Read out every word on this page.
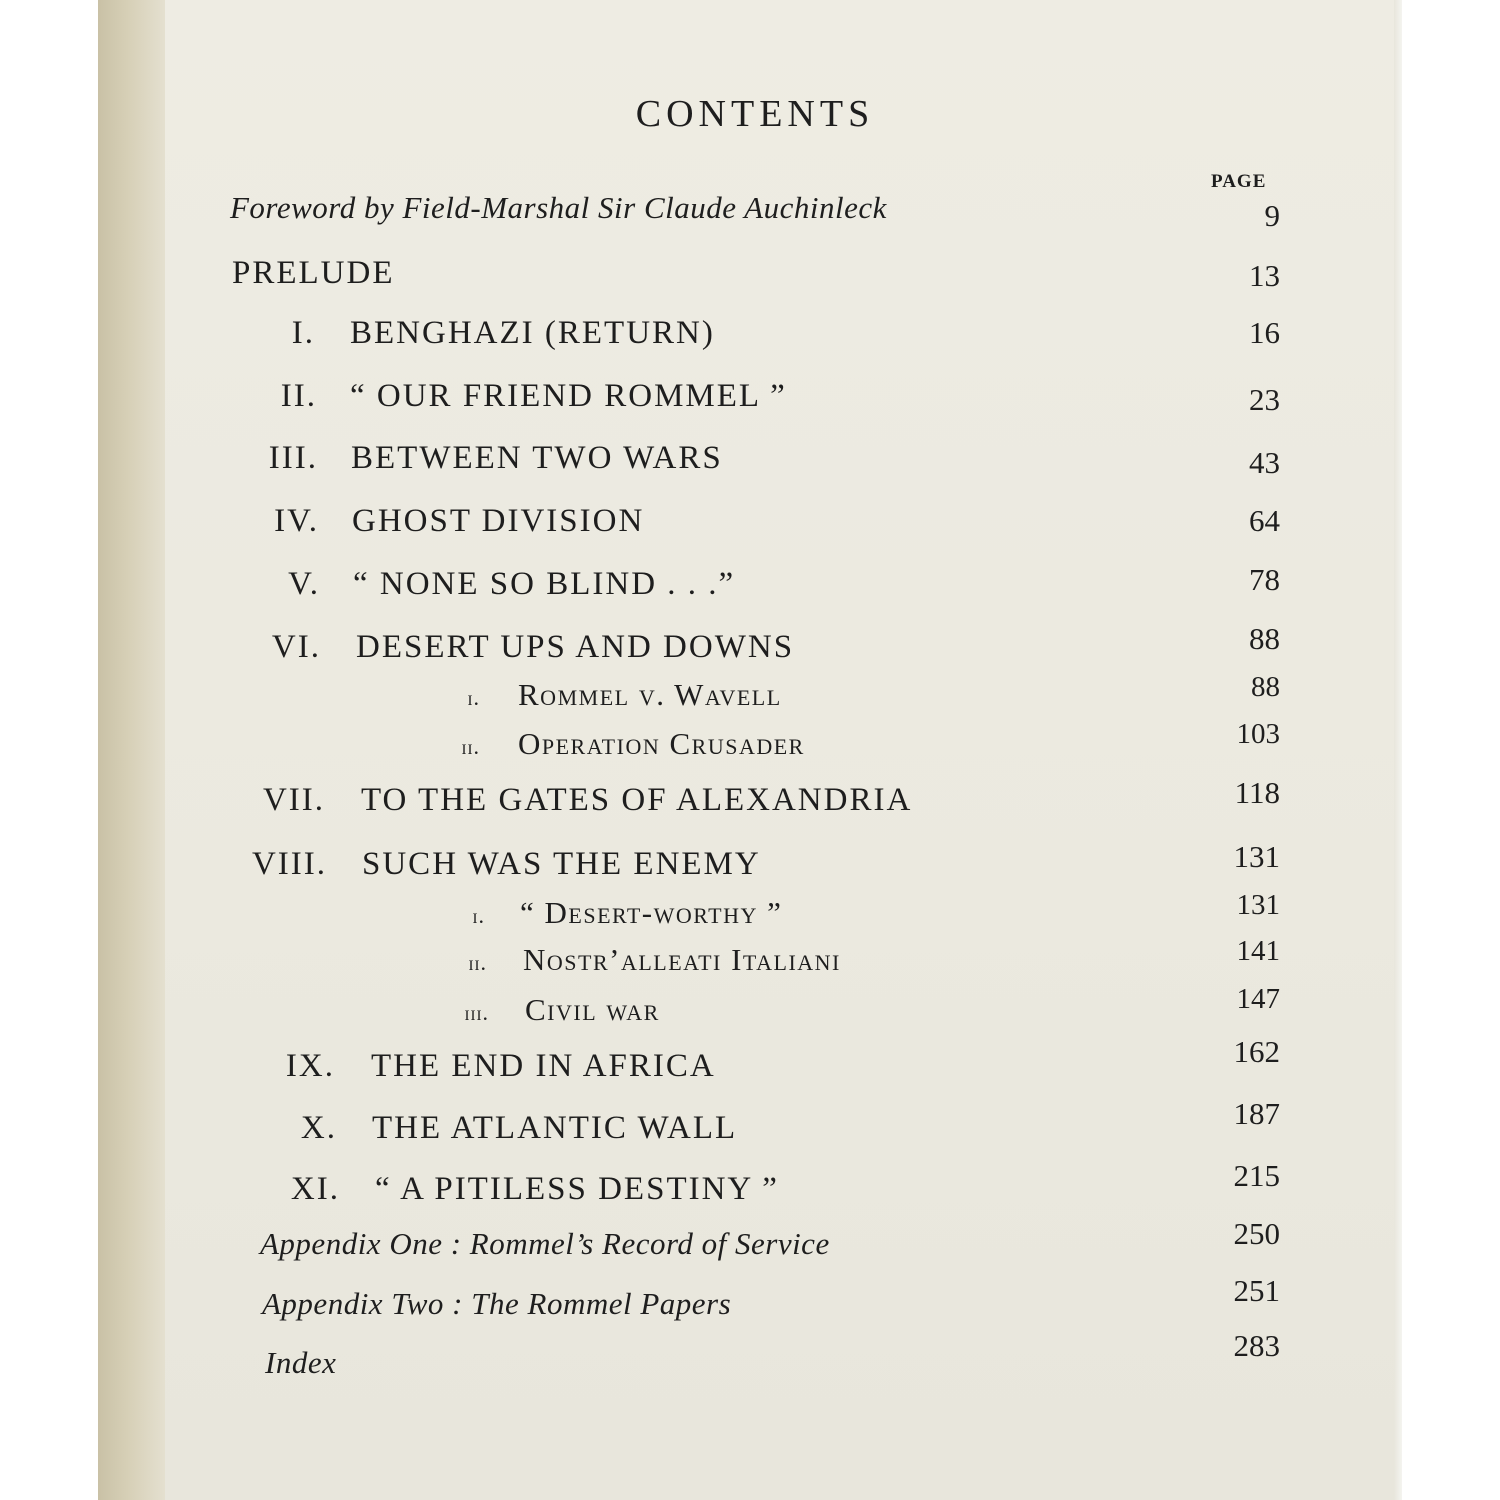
CONTENTS
PAGE
Foreword by Field-Marshal Sir Claude Auchinleck	9
PRELUDE	13
I. BENGHAZI (RETURN)	16
II. “ OUR FRIEND ROMMEL ”	23
III. BETWEEN TWO WARS	43
IV. GHOST DIVISION	64
V. “ NONE SO BLIND . . .”	78
VI. DESERT UPS AND DOWNS	88
i. Rommel v. Wavell	88
ii. Operation Crusader	103
VII. TO THE GATES OF ALEXANDRIA	118
VIII. SUCH WAS THE ENEMY	131
i. “ Desert-worthy ”	131
ii. Nostr’alleati Italiani	141
iii. Civil war	147
IX. THE END IN AFRICA	162
X. THE ATLANTIC WALL	187
XI. “ A PITILESS DESTINY ”	215
Appendix One : Rommel’s Record of Service	250
Appendix Two : The Rommel Papers	251
Index	283
